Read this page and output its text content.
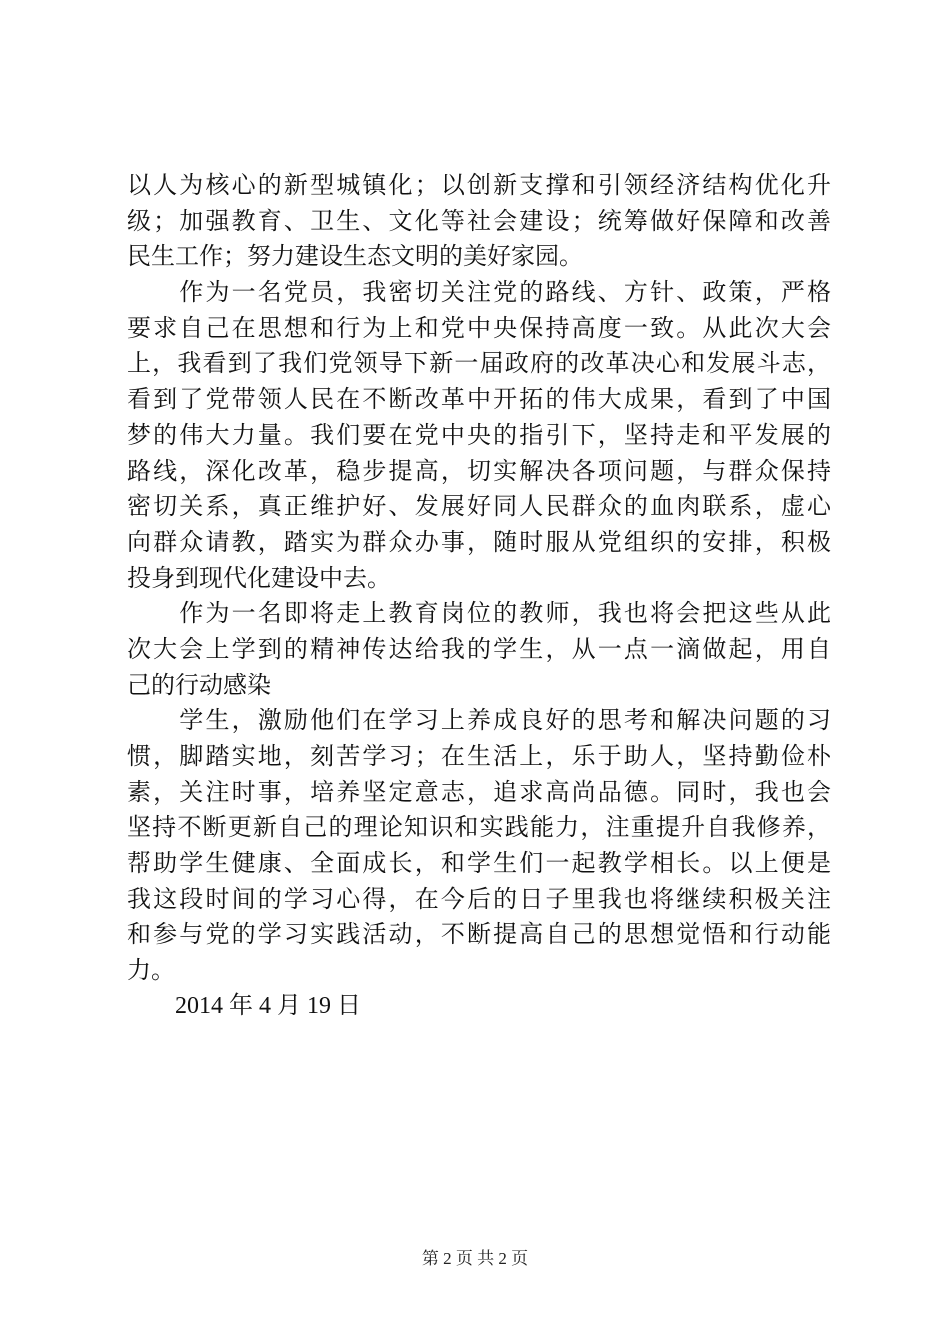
以人为核心的新型城镇化；以创新支撑和引领经济结构优化升
级；加强教育、卫生、文化等社会建设；统筹做好保障和改善
民生工作；努力建设生态文明的美好家园。
　　作为一名党员，我密切关注党的路线、方针、政策，严格
要求自己在思想和行为上和党中央保持高度一致。从此次大会
上，我看到了我们党领导下新一届政府的改革决心和发展斗志，
看到了党带领人民在不断改革中开拓的伟大成果，看到了中国
梦的伟大力量。我们要在党中央的指引下，坚持走和平发展的
路线，深化改革，稳步提高，切实解决各项问题，与群众保持
密切关系，真正维护好、发展好同人民群众的血肉联系，虚心
向群众请教，踏实为群众办事，随时服从党组织的安排，积极
投身到现代化建设中去。
　　作为一名即将走上教育岗位的教师，我也将会把这些从此
次大会上学到的精神传达给我的学生，从一点一滴做起，用自
己的行动感染
　　学生，激励他们在学习上养成良好的思考和解决问题的习
惯，脚踏实地，刻苦学习；在生活上，乐于助人，坚持勤俭朴
素，关注时事，培养坚定意志，追求高尚品德。同时，我也会
坚持不断更新自己的理论知识和实践能力，注重提升自我修养，
帮助学生健康、全面成长，和学生们一起教学相长。以上便是
我这段时间的学习心得，在今后的日子里我也将继续积极关注
和参与党的学习实践活动，不断提高自己的思想觉悟和行动能
力。
　　2014 年 4 月 19 日
第 2 页 共 2 页
